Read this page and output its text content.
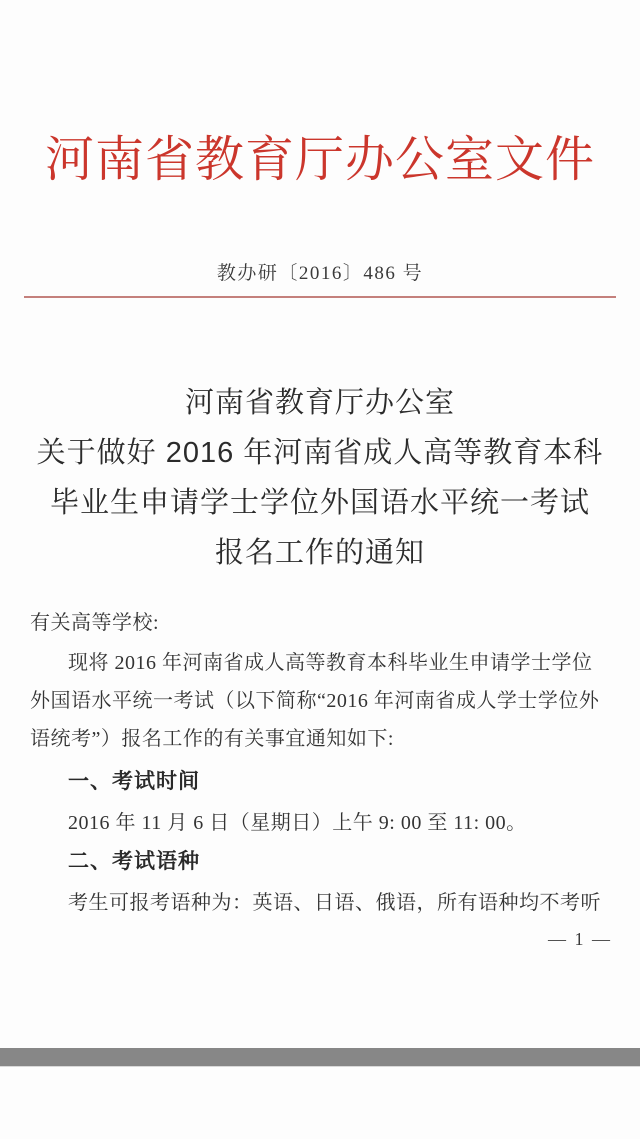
河南省教育厅办公室文件
教办研〔2016〕486 号
河南省教育厅办公室
关于做好 2016 年河南省成人高等教育本科
毕业生申请学士学位外国语水平统一考试
报名工作的通知
有关高等学校:
现将 2016 年河南省成人高等教育本科毕业生申请学士学位
外国语水平统一考试（以下简称“2016 年河南省成人学士学位外
语统考”）报名工作的有关事宜通知如下:
一、考试时间
2016 年 11 月 6 日（星期日）上午 9: 00 至 11: 00。
二、考试语种
考生可报考语种为：英语、日语、俄语，所有语种均不考听
— 1 —
